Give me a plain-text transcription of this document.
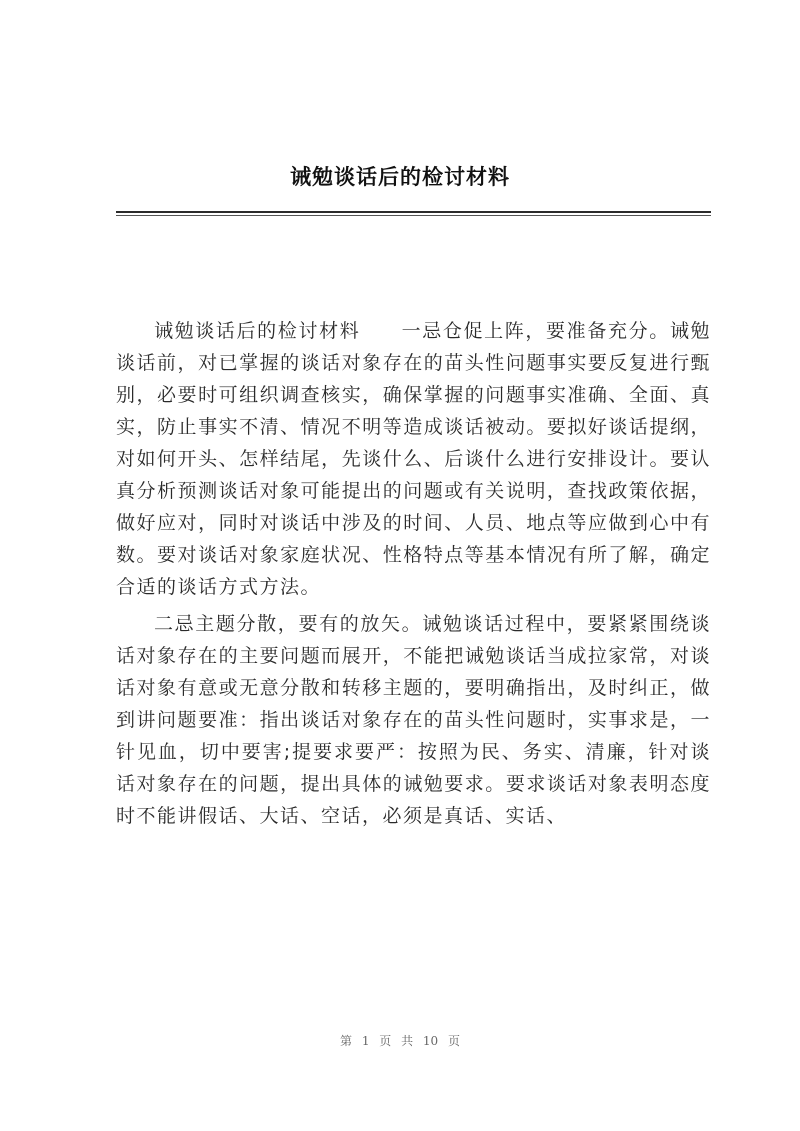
诫勉谈话后的检讨材料

诫勉谈话后的检讨材料　　一忌仓促上阵，要准备充分。诫勉谈话前，对已掌握的谈话对象存在的苗头性问题事实要反复进行甄别，必要时可组织调查核实，确保掌握的问题事实准确、全面、真实，防止事实不清、情况不明等造成谈话被动。要拟好谈话提纲，对如何开头、怎样结尾，先谈什么、后谈什么进行安排设计。要认真分析预测谈话对象可能提出的问题或有关说明，查找政策依据，做好应对，同时对谈话中涉及的时间、人员、地点等应做到心中有数。要对谈话对象家庭状况、性格特点等基本情况有所了解，确定合适的谈话方式方法。

二忌主题分散，要有的放矢。诫勉谈话过程中，要紧紧围绕谈话对象存在的主要问题而展开，不能把诫勉谈话当成拉家常，对谈话对象有意或无意分散和转移主题的，要明确指出，及时纠正，做到讲问题要准：指出谈话对象存在的苗头性问题时，实事求是，一针见血，切中要害;提要求要严：按照为民、务实、清廉，针对谈话对象存在的问题，提出具体的诫勉要求。要求谈话对象表明态度时不能讲假话、大话、空话，必须是真话、实话、

第 1 页 共 10 页
